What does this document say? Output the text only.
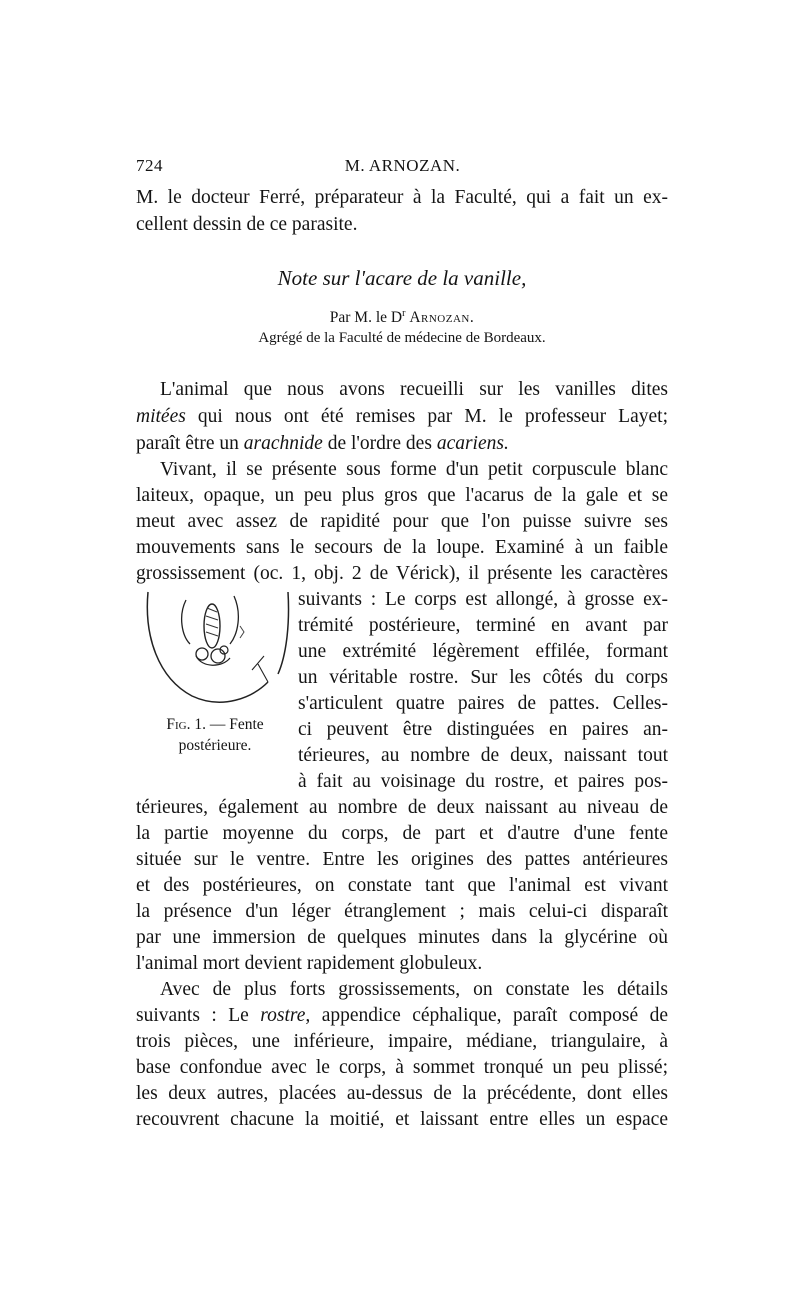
724	M. ARNOZAN.
M. le docteur Ferré, préparateur à la Faculté, qui a fait un ex-
cellent dessin de ce parasite.
Note sur l'acare de la vanille,
Par M. le $D^r$ Arnozan.
Agrégé de la Faculté de médecine de Bordeaux.
L'animal que nous avons recueilli sur les vanilles dites
mitées qui nous ont été remises par M. le professeur Layet;
paraît être un arachnide de l'ordre des acariens.
Vivant, il se présente sous forme d'un petit corpuscule blanc
laiteux, opaque, un peu plus gros que l'acarus de la gale et se
meut avec assez de rapidité pour que l'on puisse suivre ses
mouvements sans le secours de la loupe. Examiné à un faible
grossissement (oc. 1, obj. 2 de Vérick), il présente les caractères
suivants : Le corps est allongé, à grosse ex-
trémité postérieure, terminé en avant par
une extrémité légèrement effilée, formant
un véritable rostre. Sur les côtés du corps
s'articulent quatre paires de pattes. Celles-
ci peuvent être distinguées en paires an-
térieures, au nombre de deux, naissant tout
à fait au voisinage du rostre, et paires pos-
Fig. 1. — Fente
postérieure.
térieures, également au nombre de deux naissant au niveau de
la partie moyenne du corps, de part et d'autre d'une fente
située sur le ventre. Entre les origines des pattes antérieures
et des postérieures, on constate tant que l'animal est vivant
la présence d'un léger étranglement ; mais celui-ci disparaît
par une immersion de quelques minutes dans la glycérine où
l'animal mort devient rapidement globuleux.
Avec de plus forts grossissements, on constate les détails
suivants : Le rostre, appendice céphalique, paraît composé de
trois pièces, une inférieure, impaire, médiane, triangulaire, à
base confondue avec le corps, à sommet tronqué un peu plissé;
les deux autres, placées au-dessus de la précédente, dont elles
recouvrent chacune la moitié, et laissant entre elles un espace
